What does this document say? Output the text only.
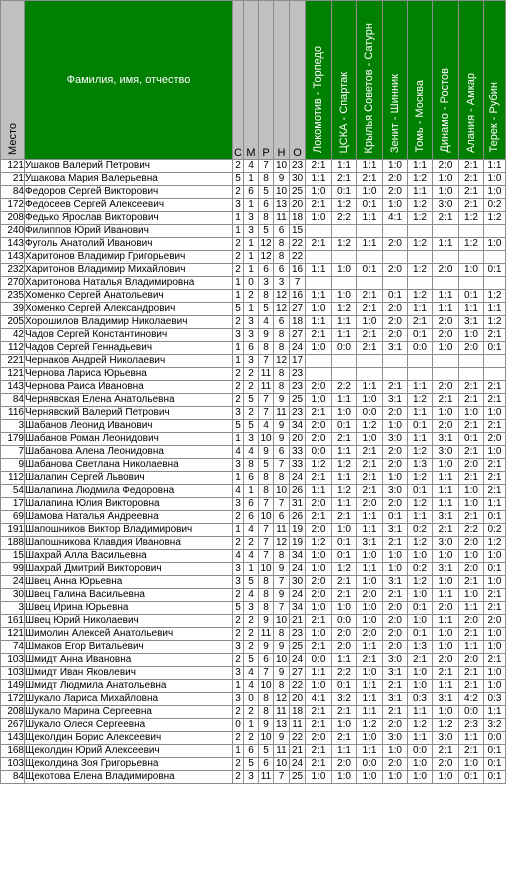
Место	Фамилия, имя, отчество	С	М	Р	Н	О	Локомотив - Торпедо	ЦСКА - Спартак	Крылья Советов - Сатурн	Зенит - Шинник	Томь - Москва	Динамо - Ростов	Алания - Амкар	Терек - Рубин
121	Ушаков Валерий Петрович	2	4	7	10	23	2:1	1:1	1:1	1:0	1:1	2:0	2:1	1:1
21	Ушакова Мария Валерьевна	5	1	8	9	30	1:1	2:1	2:1	2:0	1:2	1:0	2:1	1:0
84	Федоров Сергей Викторович	2	6	5	10	25	1:0	0:1	1:0	2:0	1:1	1:0	2:1	1:0
172	Федосеев Сергей Алексеевич	3	1	6	13	20	2:1	1:2	0:1	1:0	1:2	3:0	2:1	0:2
208	Федько Ярослав Викторович	1	3	8	11	18	1:0	2:2	1:1	4:1	1:2	2:1	1:2	1:2
240	Филиппов Юрий Иванович	1	3	5	6	15								
143	Фуголь Анатолий Иванович	2	1	12	8	22	2:1	1:2	1:1	2:0	1:2	1:1	1:2	1:0
143	Харитонов Владимир Григорьевич	2	1	12	8	22								
232	Харитонов Владимир Михайлович	2	1	6	6	16	1:1	1:0	0:1	2:0	1:2	2:0	1:0	0:1
270	Харитонова Наталья Владимировна	1	0	3	3	7								
235	Хоменко Сергей Анатольевич	1	2	8	12	16	1:1	1:0	2:1	0:1	1:2	1:1	0:1	1:2
39	Хоменко Сергей Александрович	5	1	5	12	27	1:0	1:2	2:1	2:0	1:1	1:1	1:1	1:1
205	Хорошилов Владимир Николаевич	2	3	4	6	18	1:1	1:1	1:0	2:0	2:1	2:0	3:1	1:2
42	Чадов Сергей Константинович	3	3	9	8	27	2:1	1:1	2:1	2:0	0:1	2:0	1:0	2:1
112	Чадов Сергей Геннадьевич	1	6	8	8	24	1:0	0:0	2:1	3:1	0:0	1:0	2:0	0:1
221	Чернаков Андрей Николаевич	1	3	7	12	17								
121	Чернова Лариса Юрьевна	2	2	11	8	23								
143	Чернова Раиса Ивановна	2	2	11	8	23	2:0	2:2	1:1	2:1	1:1	2:0	2:1	2:1
84	Чернявская Елена Анатольевна	2	5	7	9	25	1:0	1:1	1:0	3:1	1:2	2:1	2:1	2:1
116	Чернявский Валерий Петрович	3	2	7	11	23	2:1	1:0	0:0	2:0	1:1	1:0	1:0	1:0
3	Шабанов Леонид Иванович	5	5	4	9	34	2:0	0:1	1:2	1:0	0:1	2:0	2:1	2:1
179	Шабанов Роман Леонидович	1	3	10	9	20	2:0	2:1	1:0	3:0	1:1	3:1	0:1	2:0
7	Шабанова Алена Леонидовна	4	4	9	6	33	0:0	1:1	2:1	2:0	1:2	3:0	2:1	1:0
9	Шабанова Светлана Николаевна	3	8	5	7	33	1:2	1:2	2:1	2:0	1:3	1:0	2:0	2:1
112	Шалапин Сергей Львович	1	6	8	8	24	2:1	1:1	2:1	1:0	1:2	1:1	2:1	2:1
54	Шалапина Людмила Федоровна	4	1	8	10	26	1:1	1:2	2:1	3:0	0:1	1:1	1:0	2:1
17	Шалапина Юлия Викторовна	3	6	7	7	31	2:0	1:1	2:0	2:0	1:2	1:1	1:0	1:1
69	Шамова Наталья Андреевна	2	6	10	6	26	2:1	2:1	1:1	0:1	1:1	3:1	2:1	0:1
191	Шапошников Виктор Владимирович	1	4	7	11	19	2:0	1:0	1:1	3:1	0:2	2:1	2:2	0:2
188	Шапошникова Клавдия Ивановна	2	2	7	12	19	1:2	0:1	3:1	2:1	1:2	3:0	2:0	1:2
15	Шахрай Алла Васильевна	4	4	7	8	34	1:0	0:1	1:0	1:0	1:0	1:0	1:0	1:0
99	Шахрай Дмитрий Викторович	3	1	10	9	24	1:0	1:2	1:1	1:0	0:2	3:1	2:0	0:1
24	Швец Анна Юрьевна	3	5	8	7	30	2:0	2:1	1:0	3:1	1:2	1:0	2:1	1:0
30	Швец Галина Васильевна	2	4	8	9	24	2:0	2:1	2:0	2:1	1:0	1:1	1:0	2:1
3	Швец Ирина Юрьевна	5	3	8	7	34	1:0	1:0	1:0	2:0	0:1	2:0	1:1	2:1
161	Швец Юрий Николаевич	2	2	9	10	21	2:1	0:0	1:0	2:0	1:0	1:1	2:0	2:0
121	Шимолин Алексей Анатольевич	2	2	11	8	23	1:0	2:0	2:0	2:0	0:1	1:0	2:1	1:0
74	Шмаков Егор Витальевич	3	2	9	9	25	2:1	2:0	1:1	2:0	1:3	1:0	1:1	1:0
103	Шмидт Анна Ивановна	2	5	6	10	24	0:0	1:1	2:1	3:0	2:1	2:0	2:0	2:1
103	Шмидт Иван Яковлевич	3	4	7	9	27	1:1	2:2	1:0	3:1	1:0	2:1	2:1	1:0
149	Шмидт Людмила Анатольевна	1	4	10	8	22	1:0	0:1	1:1	2:1	1:0	1:1	2:1	1:0
172	Шукало Лариса Михайловна	3	0	8	12	20	4:1	3:2	1:1	3:1	0:3	3:1	4:2	0:3
208	Шукало Марина Сергеевна	2	2	8	11	18	2:1	2:1	1:1	2:1	1:1	1:0	0:0	1:1
267	Шукало Олеся Сергеевна	0	1	9	13	11	2:1	1:0	1:2	2:0	1:2	1:2	2:3	3:2
143	Щеколдин Борис Алексеевич	2	2	10	9	22	2:0	2:1	1:0	3:0	1:1	3:0	1:1	0:0
168	Щеколдин Юрий Алексеевич	1	6	5	11	21	2:1	1:1	1:1	1:0	0:0	2:1	2:1	0:1
103	Щеколдина Зоя Григорьевна	2	5	6	10	24	2:1	2:0	0:0	2:0	1:0	2:0	1:0	0:1
84	Щекотова Елена Владимировна	2	3	11	7	25	1:0	1:0	1:0	1:0	1:0	1:0	0:1	0:1
